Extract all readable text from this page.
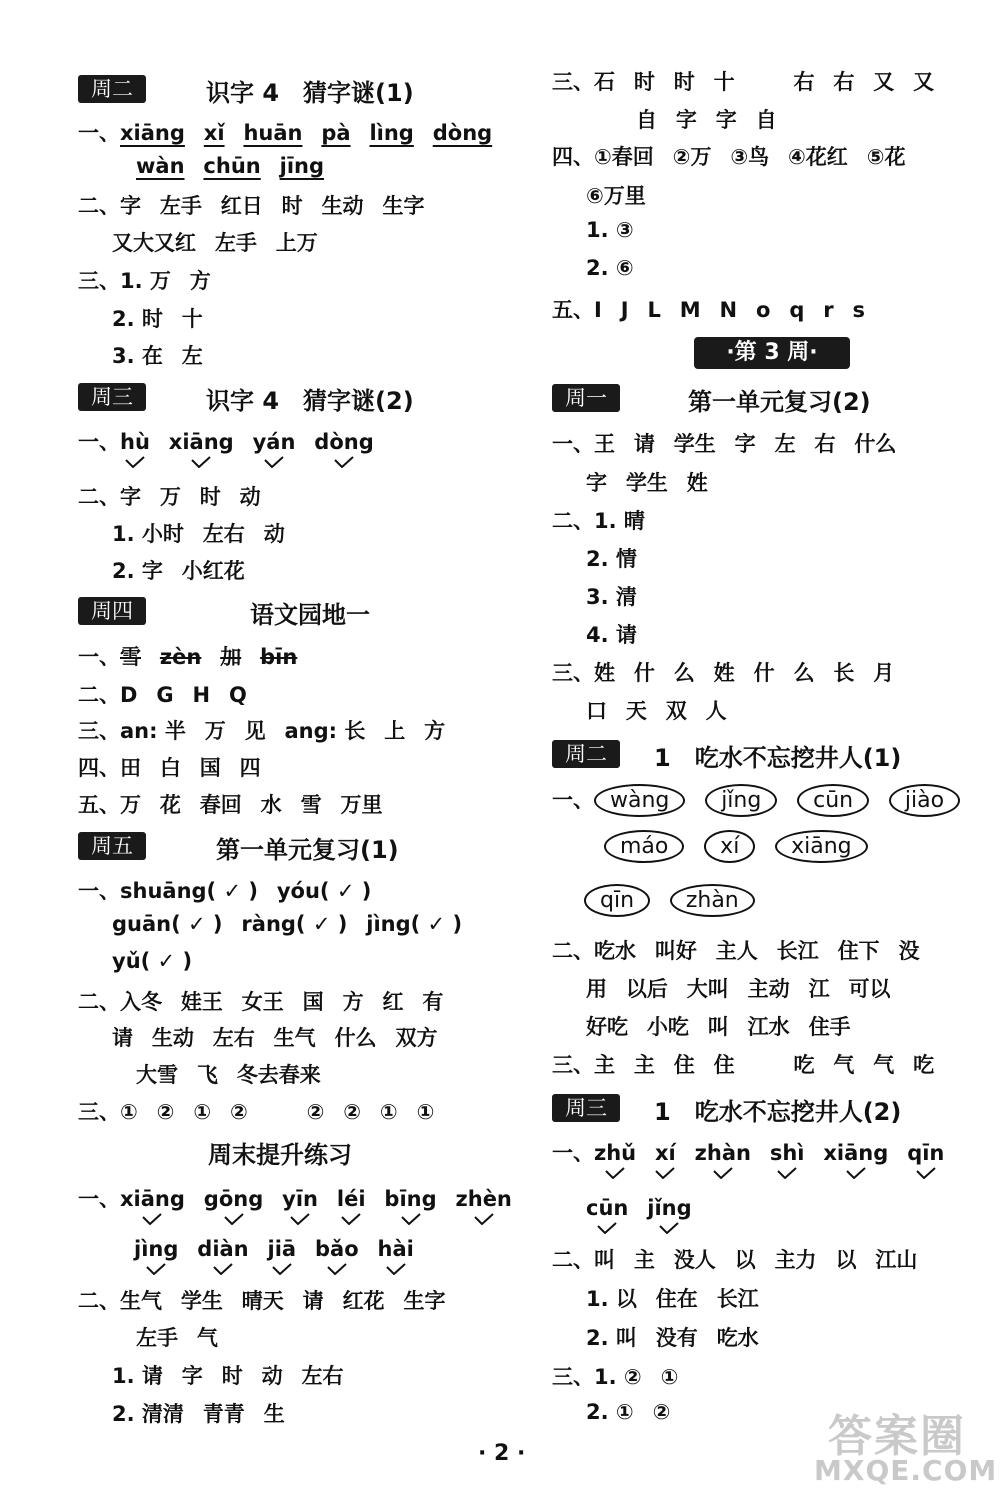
周二	识字 4　猜字谜(1)
一、xiāng xǐ huān pà lìng dòng
wàn chūn jīng
二、字 左手 红日 时 生动 生字
又大又红 左手 上万
三、1. 万 方
2. 时 十
3. 在 左
周三	识字 4　猜字谜(2)
一、hù xiāng yán dòng
二、字 万 时 动
1. 小时 左右 动
2. 字 小红花
周四	语文园地一
一、雪 zèn 加 bīn
二、D G H Q
三、an: 半 万 见 ang: 长 上 方
四、田 白 国 四
五、万 花 春回 水 雪 万里
周五	第一单元复习(1)
一、shuāng( ✓ ) yóu( ✓ )
guān( ✓ ) ràng( ✓ ) jìng( ✓ )
yǔ( ✓ )
二、入冬 娃王 女王 国 方 红 有
请 生动 左右 生气 什么 双方
大雪 飞 冬去春来
三、① ② ① ②　	② ② ① ①
周末提升练习
一、xiāng gōng yīn léi bīng zhèn
jìng diàn jiā bǎo hài
二、生气 学生 晴天 请 红花 生字
左手 气
1. 请 字 时 动 左右
2. 清清 青青 生
三、石 时 时 十　	右 右 又 又
自 字 字 自
四、①春回 ②万 ③鸟 ④花红 ⑤花
⑥万里
1. ③
2. ⑥
五、I J L M N o q r s
·第 3 周·
周一	第一单元复习(2)
一、王 请 学生 字 左 右 什么
字 学生 姓
二、1. 晴
2. 情
3. 清
4. 请
三、姓 什 么 姓 什 么 长 月
口 天 双 人
周二	1　吃水不忘挖井人(1)
一、 wàng jǐng cūn jiào
máo xí xiāng
qīn zhàn
二、吃水 叫好 主人 长江 住下 没
用 以后 大叫 主动 江 可以
好吃 小吃 叫 江水 住手
三、主 主 住 住　	吃 气 气 吃
周三	1　吃水不忘挖井人(2)
一、zhǔ xí zhàn shì xiāng qīn
cūn jǐng
二、叫 主 没人 以 主力 以 江山
1. 以 住在 长江
2. 叫 没有 吃水
三、1. ② ①
2. ① ②
· 2 ·	答案圈
MXQE.COM
